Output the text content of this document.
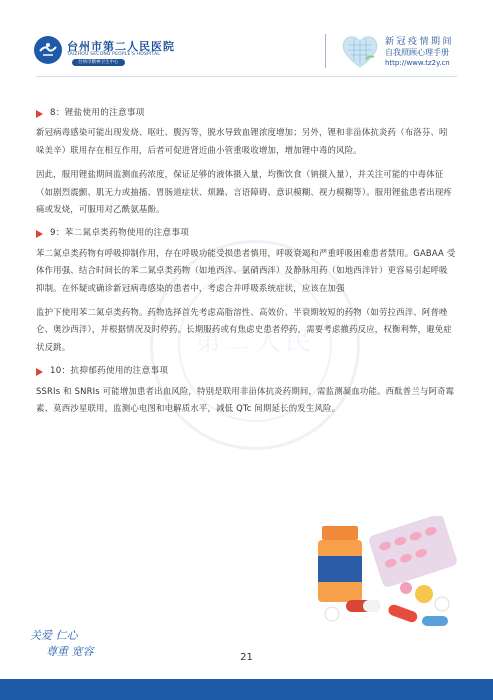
台州市第二人民医院
TAIZHOU SECOND PEOPLE'S HOSPITAL
台州市精神卫生中心
新冠疫情期间
自我照顾心理手册
http://www.tz2y.cn
第二人民
8：锂盐使用的注意事项

新冠病毒感染可能出现发烧、呕吐、腹泻等，脱水导致血锂浓度增加；另外，锂和非甾体抗炎药（布洛芬、吲哚美辛）联用存在相互作用，后者可促进肾近曲小管重吸收增加，增加锂中毒的风险。

因此，服用锂盐期间监测血药浓度，保证足够的液体摄入量，均衡饮食（钠摄入量），并关注可能的中毒体征（如剧烈震颤、肌无力或抽搐、胃肠道症状、烦躁、言语障碍、意识模糊、视力模糊等）。服用锂盐患者出现疼痛或发烧，可服用对乙酰氨基酚。

9：苯二氮卓类药物使用的注意事项

苯二氮卓类药物有呼吸抑制作用，存在呼吸功能受损患者慎用，呼吸衰竭和严重呼吸困难患者禁用。GABAA 受体作用强、结合时间长的苯二氮卓类药物（如地西泮、氯硝西泮）及静脉用药（如地西泮针）更容易引起呼吸抑制。在怀疑或确诊新冠病毒感染的患者中，考虑合并呼吸系统症状，应该在加强

监护下使用苯二氮卓类药物。药物选择首先考虑高脂溶性、高效价、半衰期较短的药物（如劳拉西泮、阿普唑仑、奥沙西泮），并根据情况及时停药。长期服药或有焦虑史患者停药，需要考虑撤药反应，权衡利弊，避免症状反跳。

10：抗抑郁药使用的注意事项

SSRIs 和 SNRIs 可能增加患者出血风险，特别是联用非甾体抗炎药期间，需监测凝血功能。西酞普兰与阿奇霉素、莫西沙星联用，监测心电图和电解质水平，减低 QTc 间期延长的发生风险。

关爱 仁心
尊重 宽容	21
